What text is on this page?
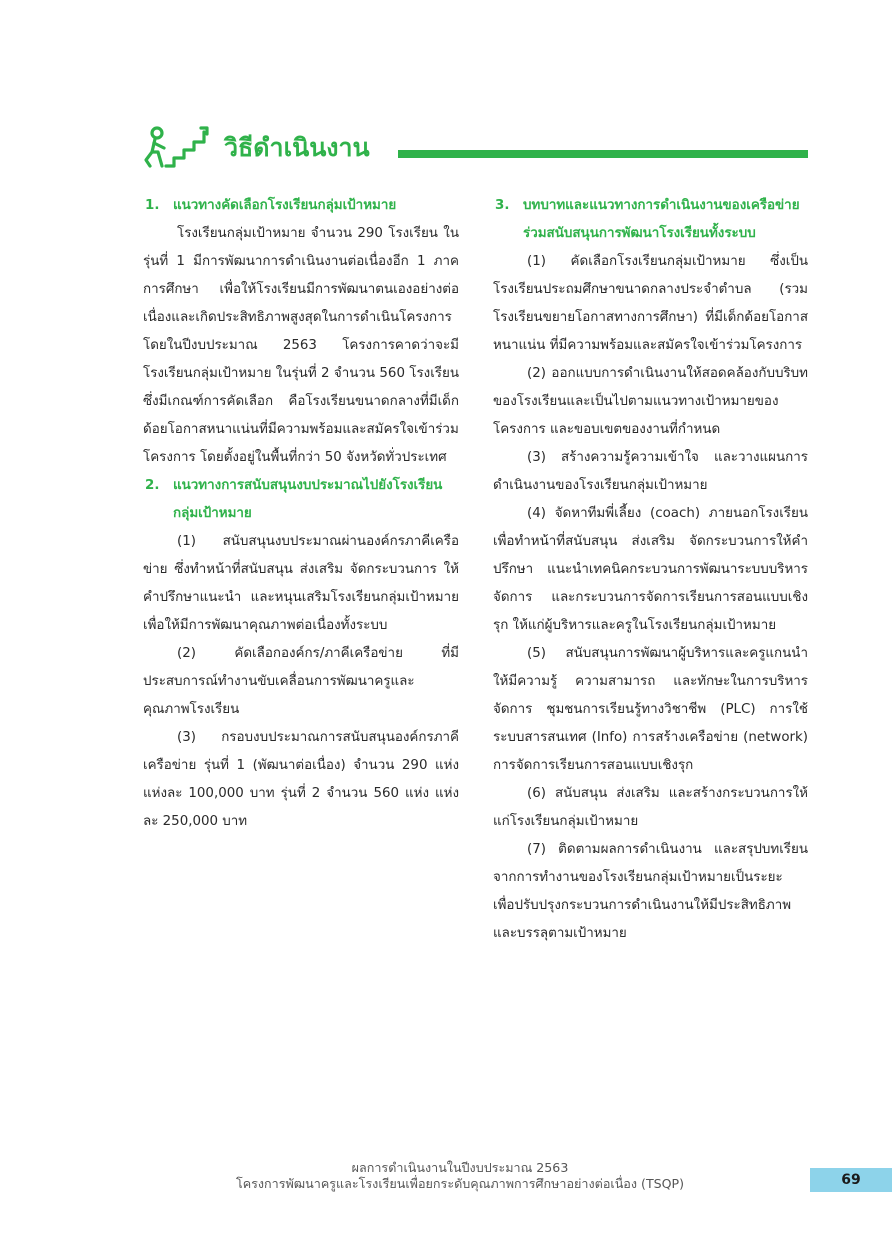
วิธีดำเนินงาน
1. แนวทางคัดเลือกโรงเรียนกลุ่มเป้าหมาย
โรงเรียนกลุ่มเป้าหมาย จำนวน 290 โรงเรียน ในรุ่นที่ 1 มีการพัฒนาการดำเนินงานต่อเนื่องอีก 1 ภาคการศึกษา เพื่อให้โรงเรียนมีการพัฒนาตนเองอย่างต่อเนื่องและเกิดประสิทธิภาพสูงสุดในการดำเนินโครงการ โดยในปีงบประมาณ 2563 โครงการคาดว่าจะมีโรงเรียนกลุ่มเป้าหมาย ในรุ่นที่ 2 จำนวน 560 โรงเรียน ซึ่งมีเกณฑ์การคัดเลือก คือโรงเรียนขนาดกลางที่มีเด็กด้อยโอกาสหนาแน่นที่มีความพร้อมและสมัครใจเข้าร่วมโครงการ โดยตั้งอยู่ในพื้นที่กว่า 50 จังหวัดทั่วประเทศ
2. แนวทางการสนับสนุนงบประมาณไปยังโรงเรียนกลุ่มเป้าหมาย
(1) สนับสนุนงบประมาณผ่านองค์กรภาคีเครือข่าย ซึ่งทำหน้าที่สนับสนุน ส่งเสริม จัดกระบวนการ ให้คำปรึกษาแนะนำ และหนุนเสริมโรงเรียนกลุ่มเป้าหมาย เพื่อให้มีการพัฒนาคุณภาพต่อเนื่องทั้งระบบ
(2) คัดเลือกองค์กร/ภาคีเครือข่าย ที่มีประสบการณ์ทำงานขับเคลื่อนการพัฒนาครูและคุณภาพโรงเรียน
(3) กรอบงบประมาณการสนับสนุนองค์กรภาคีเครือข่าย รุ่นที่ 1 (พัฒนาต่อเนื่อง) จำนวน 290 แห่ง แห่งละ 100,000 บาท รุ่นที่ 2 จำนวน 560 แห่ง แห่งละ 250,000 บาท
3. บทบาทและแนวทางการดำเนินงานของเครือข่ายร่วมสนับสนุนการพัฒนาโรงเรียนทั้งระบบ
(1) คัดเลือกโรงเรียนกลุ่มเป้าหมาย ซึ่งเป็นโรงเรียนประถมศึกษาขนาดกลางประจำตำบล (รวมโรงเรียนขยายโอกาสทางการศึกษา) ที่มีเด็กด้อยโอกาสหนาแน่น ที่มีความพร้อมและสมัครใจเข้าร่วมโครงการ
(2) ออกแบบการดำเนินงานให้สอดคล้องกับบริบทของโรงเรียนและเป็นไปตามแนวทางเป้าหมายของโครงการ และขอบเขตของงานที่กำหนด
(3) สร้างความรู้ความเข้าใจ และวางแผนการดำเนินงานของโรงเรียนกลุ่มเป้าหมาย
(4) จัดหาทีมพี่เลี้ยง (coach) ภายนอกโรงเรียนเพื่อทำหน้าที่สนับสนุน ส่งเสริม จัดกระบวนการให้คำปรึกษา แนะนำเทคนิคกระบวนการพัฒนาระบบบริหารจัดการ และกระบวนการจัดการเรียนการสอนแบบเชิงรุก ให้แก่ผู้บริหารและครูในโรงเรียนกลุ่มเป้าหมาย
(5) สนับสนุนการพัฒนาผู้บริหารและครูแกนนำ ให้มีความรู้ ความสามารถ และทักษะในการบริหารจัดการ ชุมชนการเรียนรู้ทางวิชาชีพ (PLC) การใช้ระบบสารสนเทศ (Info) การสร้างเครือข่าย (network) การจัดการเรียนการสอนแบบเชิงรุก
(6) สนับสนุน ส่งเสริม และสร้างกระบวนการให้แก่โรงเรียนกลุ่มเป้าหมาย
(7) ติดตามผลการดำเนินงาน และสรุปบทเรียนจากการทำงานของโรงเรียนกลุ่มเป้าหมายเป็นระยะ เพื่อปรับปรุงกระบวนการดำเนินงานให้มีประสิทธิภาพและบรรลุตามเป้าหมาย
ผลการดำเนินงานในปีงบประมาณ 2563
โครงการพัฒนาครูและโรงเรียนเพื่อยกระดับคุณภาพการศึกษาอย่างต่อเนื่อง (TSQP)	69
